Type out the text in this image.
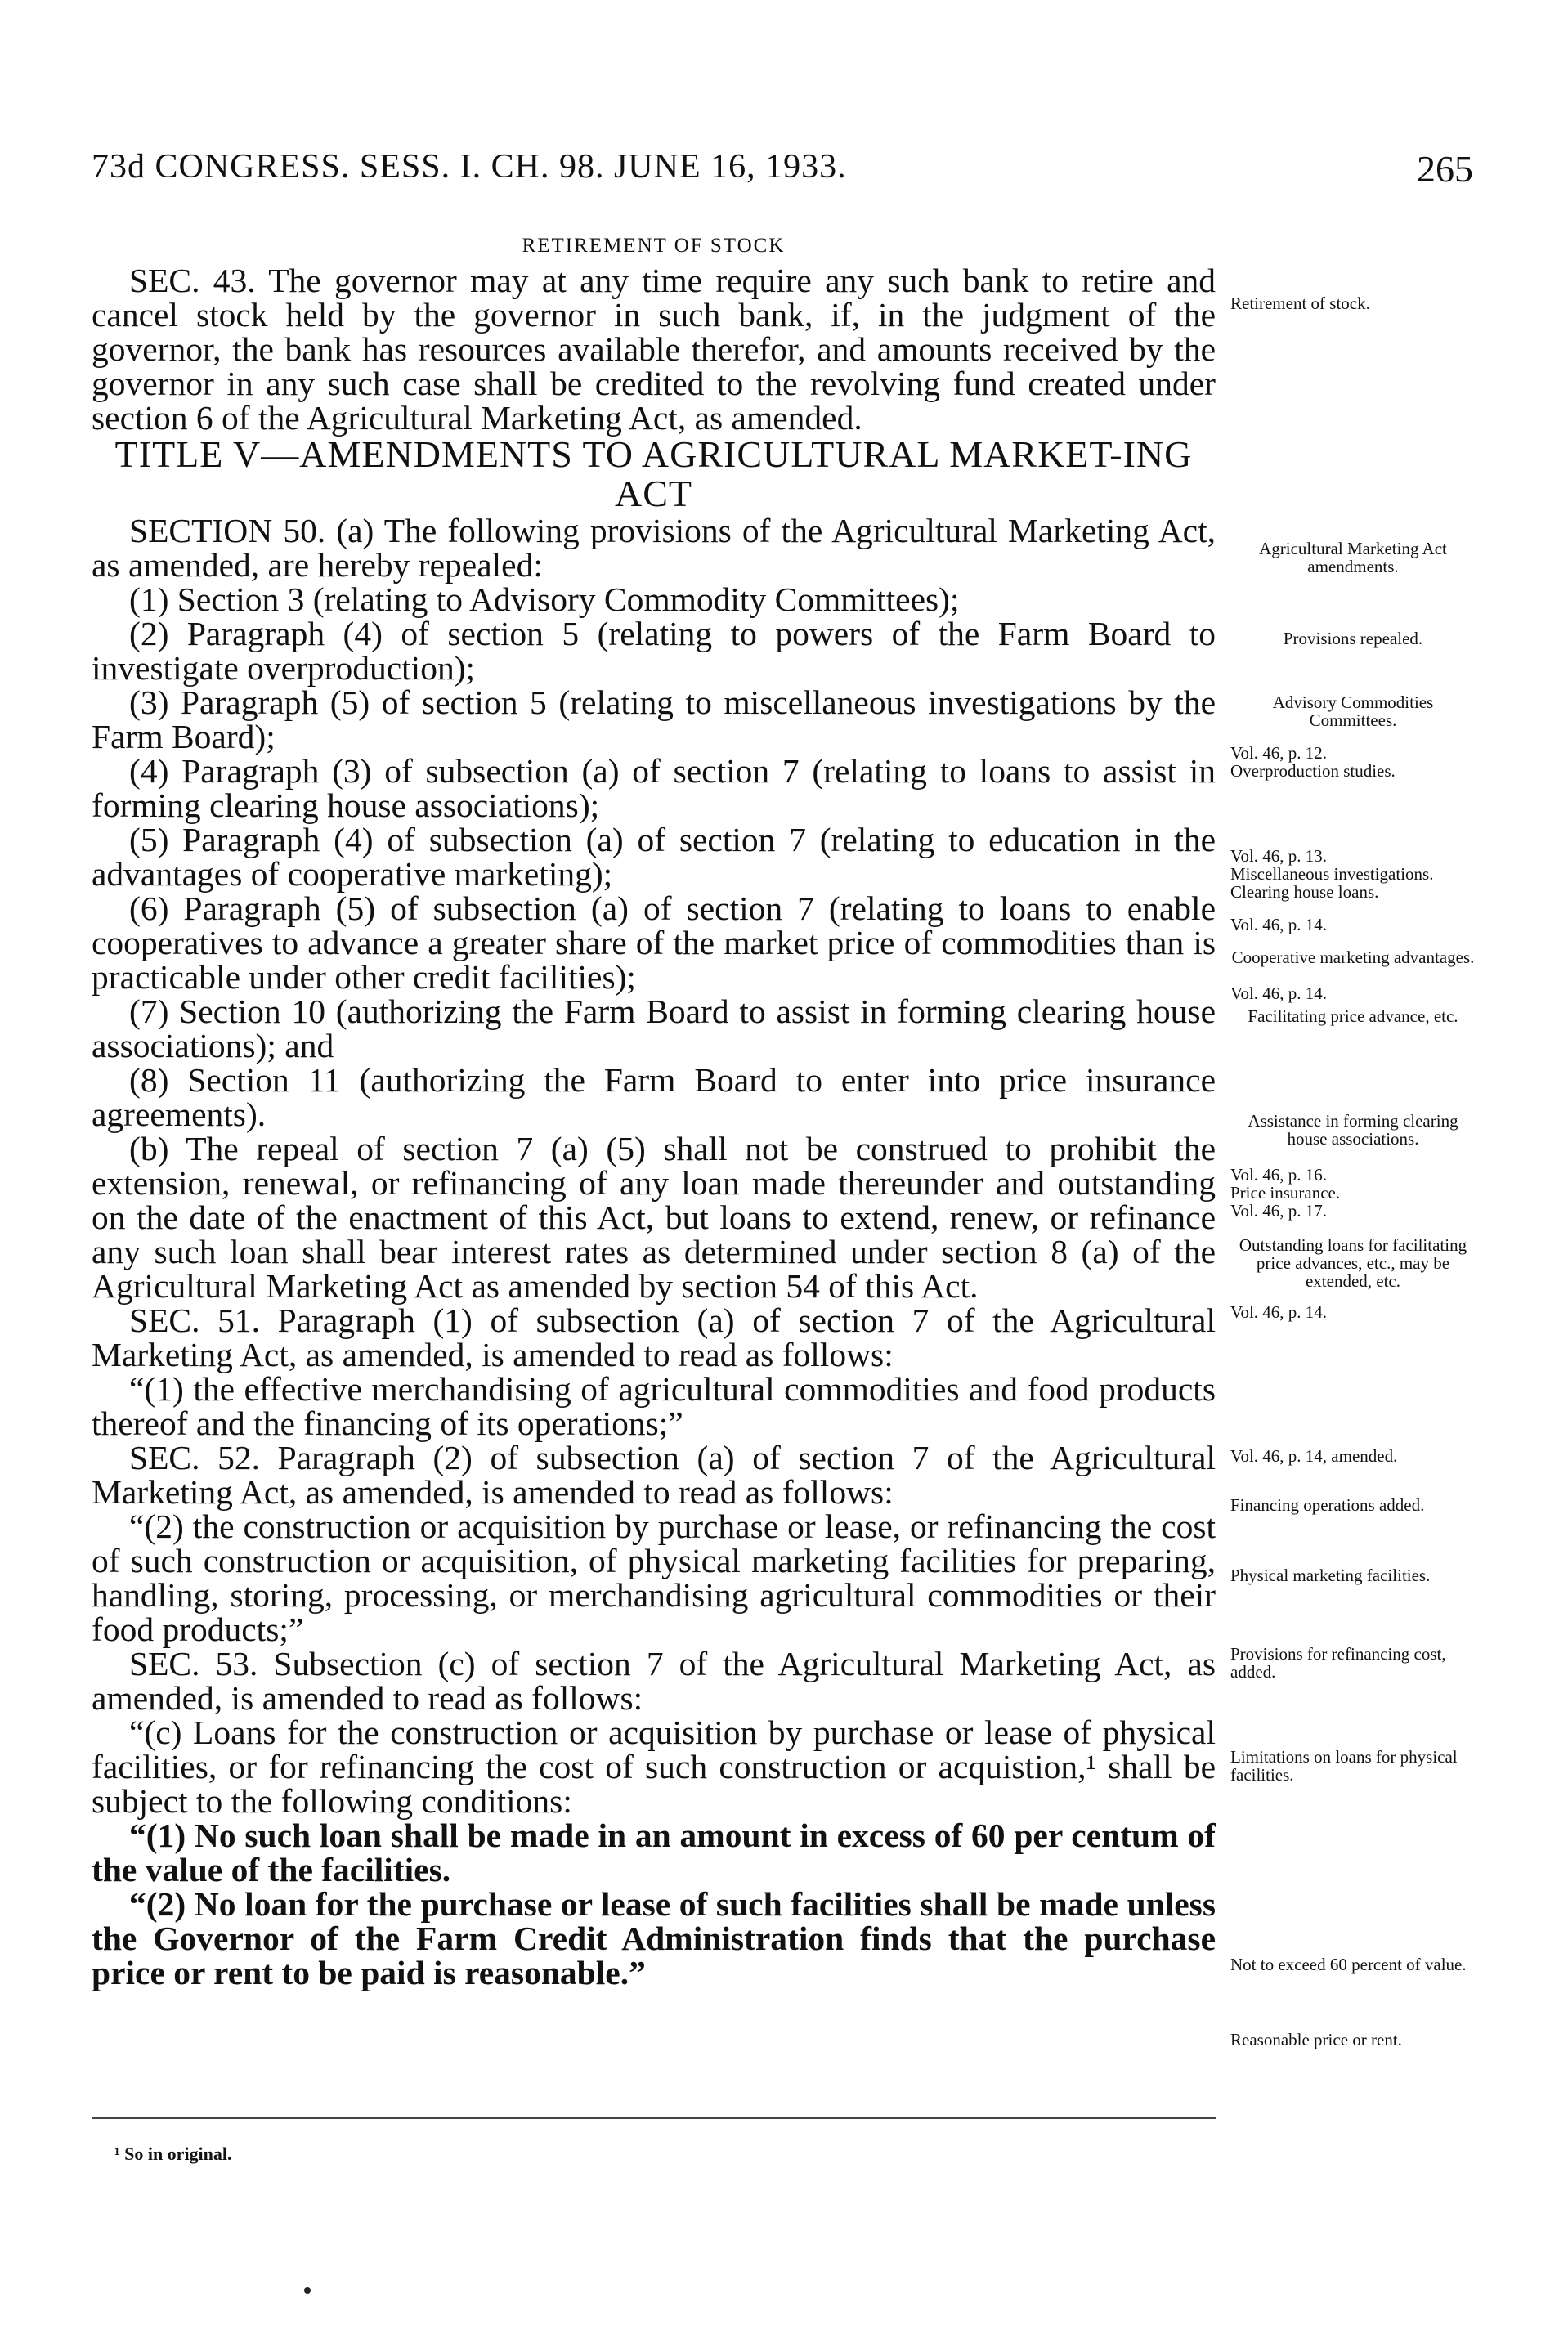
73d CONGRESS. SESS. I. CH. 98. JUNE 16, 1933.	265

RETIREMENT OF STOCK

SEC. 43. The governor may at any time require any such bank to retire and cancel stock held by the governor in such bank, if, in the judgment of the governor, the bank has resources available therefor, and amounts received by the governor in any such case shall be credited to the revolving fund created under section 6 of the Agricultural Marketing Act, as amended.

TITLE V—AMENDMENTS TO AGRICULTURAL MARKET-ING ACT

SECTION 50. (a) The following provisions of the Agricultural Marketing Act, as amended, are hereby repealed:

(1) Section 3 (relating to Advisory Commodity Committees);

(2) Paragraph (4) of section 5 (relating to powers of the Farm Board to investigate overproduction);

(3) Paragraph (5) of section 5 (relating to miscellaneous investigations by the Farm Board);

(4) Paragraph (3) of subsection (a) of section 7 (relating to loans to assist in forming clearing house associations);

(5) Paragraph (4) of subsection (a) of section 7 (relating to education in the advantages of cooperative marketing);

(6) Paragraph (5) of subsection (a) of section 7 (relating to loans to enable cooperatives to advance a greater share of the market price of commodities than is practicable under other credit facilities);

(7) Section 10 (authorizing the Farm Board to assist in forming clearing house associations); and

(8) Section 11 (authorizing the Farm Board to enter into price insurance agreements).

(b) The repeal of section 7 (a) (5) shall not be construed to prohibit the extension, renewal, or refinancing of any loan made thereunder and outstanding on the date of the enactment of this Act, but loans to extend, renew, or refinance any such loan shall bear interest rates as determined under section 8 (a) of the Agricultural Marketing Act as amended by section 54 of this Act.

SEC. 51. Paragraph (1) of subsection (a) of section 7 of the Agricultural Marketing Act, as amended, is amended to read as follows:

“(1) the effective merchandising of agricultural commodities and food products thereof and the financing of its operations;”

SEC. 52. Paragraph (2) of subsection (a) of section 7 of the Agricultural Marketing Act, as amended, is amended to read as follows:

“(2) the construction or acquisition by purchase or lease, or refinancing the cost of such construction or acquisition, of physical marketing facilities for preparing, handling, storing, processing, or merchandising agricultural commodities or their food products;”

SEC. 53. Subsection (c) of section 7 of the Agricultural Marketing Act, as amended, is amended to read as follows:

“(c) Loans for the construction or acquisition by purchase or lease of physical facilities, or for refinancing the cost of such construction or acquistion,¹ shall be subject to the following conditions:

“(1) No such loan shall be made in an amount in excess of 60 per centum of the value of the facilities.

“(2) No loan for the purchase or lease of such facilities shall be made unless the Governor of the Farm Credit Administration finds that the purchase price or rent to be paid is reasonable.”

Retirement of stock.
Agricultural Marketing Act amendments.
Provisions repealed.
Advisory Commodities Committees.
Vol. 46, p. 12.
Overproduction studies.
Vol. 46, p. 13.
Miscellaneous investigations.
Clearing house loans.
Vol. 46, p. 14.
Cooperative marketing advantages.
Vol. 46, p. 14.
Facilitating price advance, etc.
Assistance in forming clearing house associations.
Vol. 46, p. 16.
Price insurance.
Vol. 46, p. 17.
Outstanding loans for facilitating price advances, etc., may be extended, etc.
Vol. 46, p. 14.
Vol. 46, p. 14, amended.
Financing operations added.
Physical marketing facilities.
Provisions for refinancing cost, added.
Limitations on loans for physical facilities.
Not to exceed 60 percent of value.
Reasonable price or rent.
¹ So in original.
